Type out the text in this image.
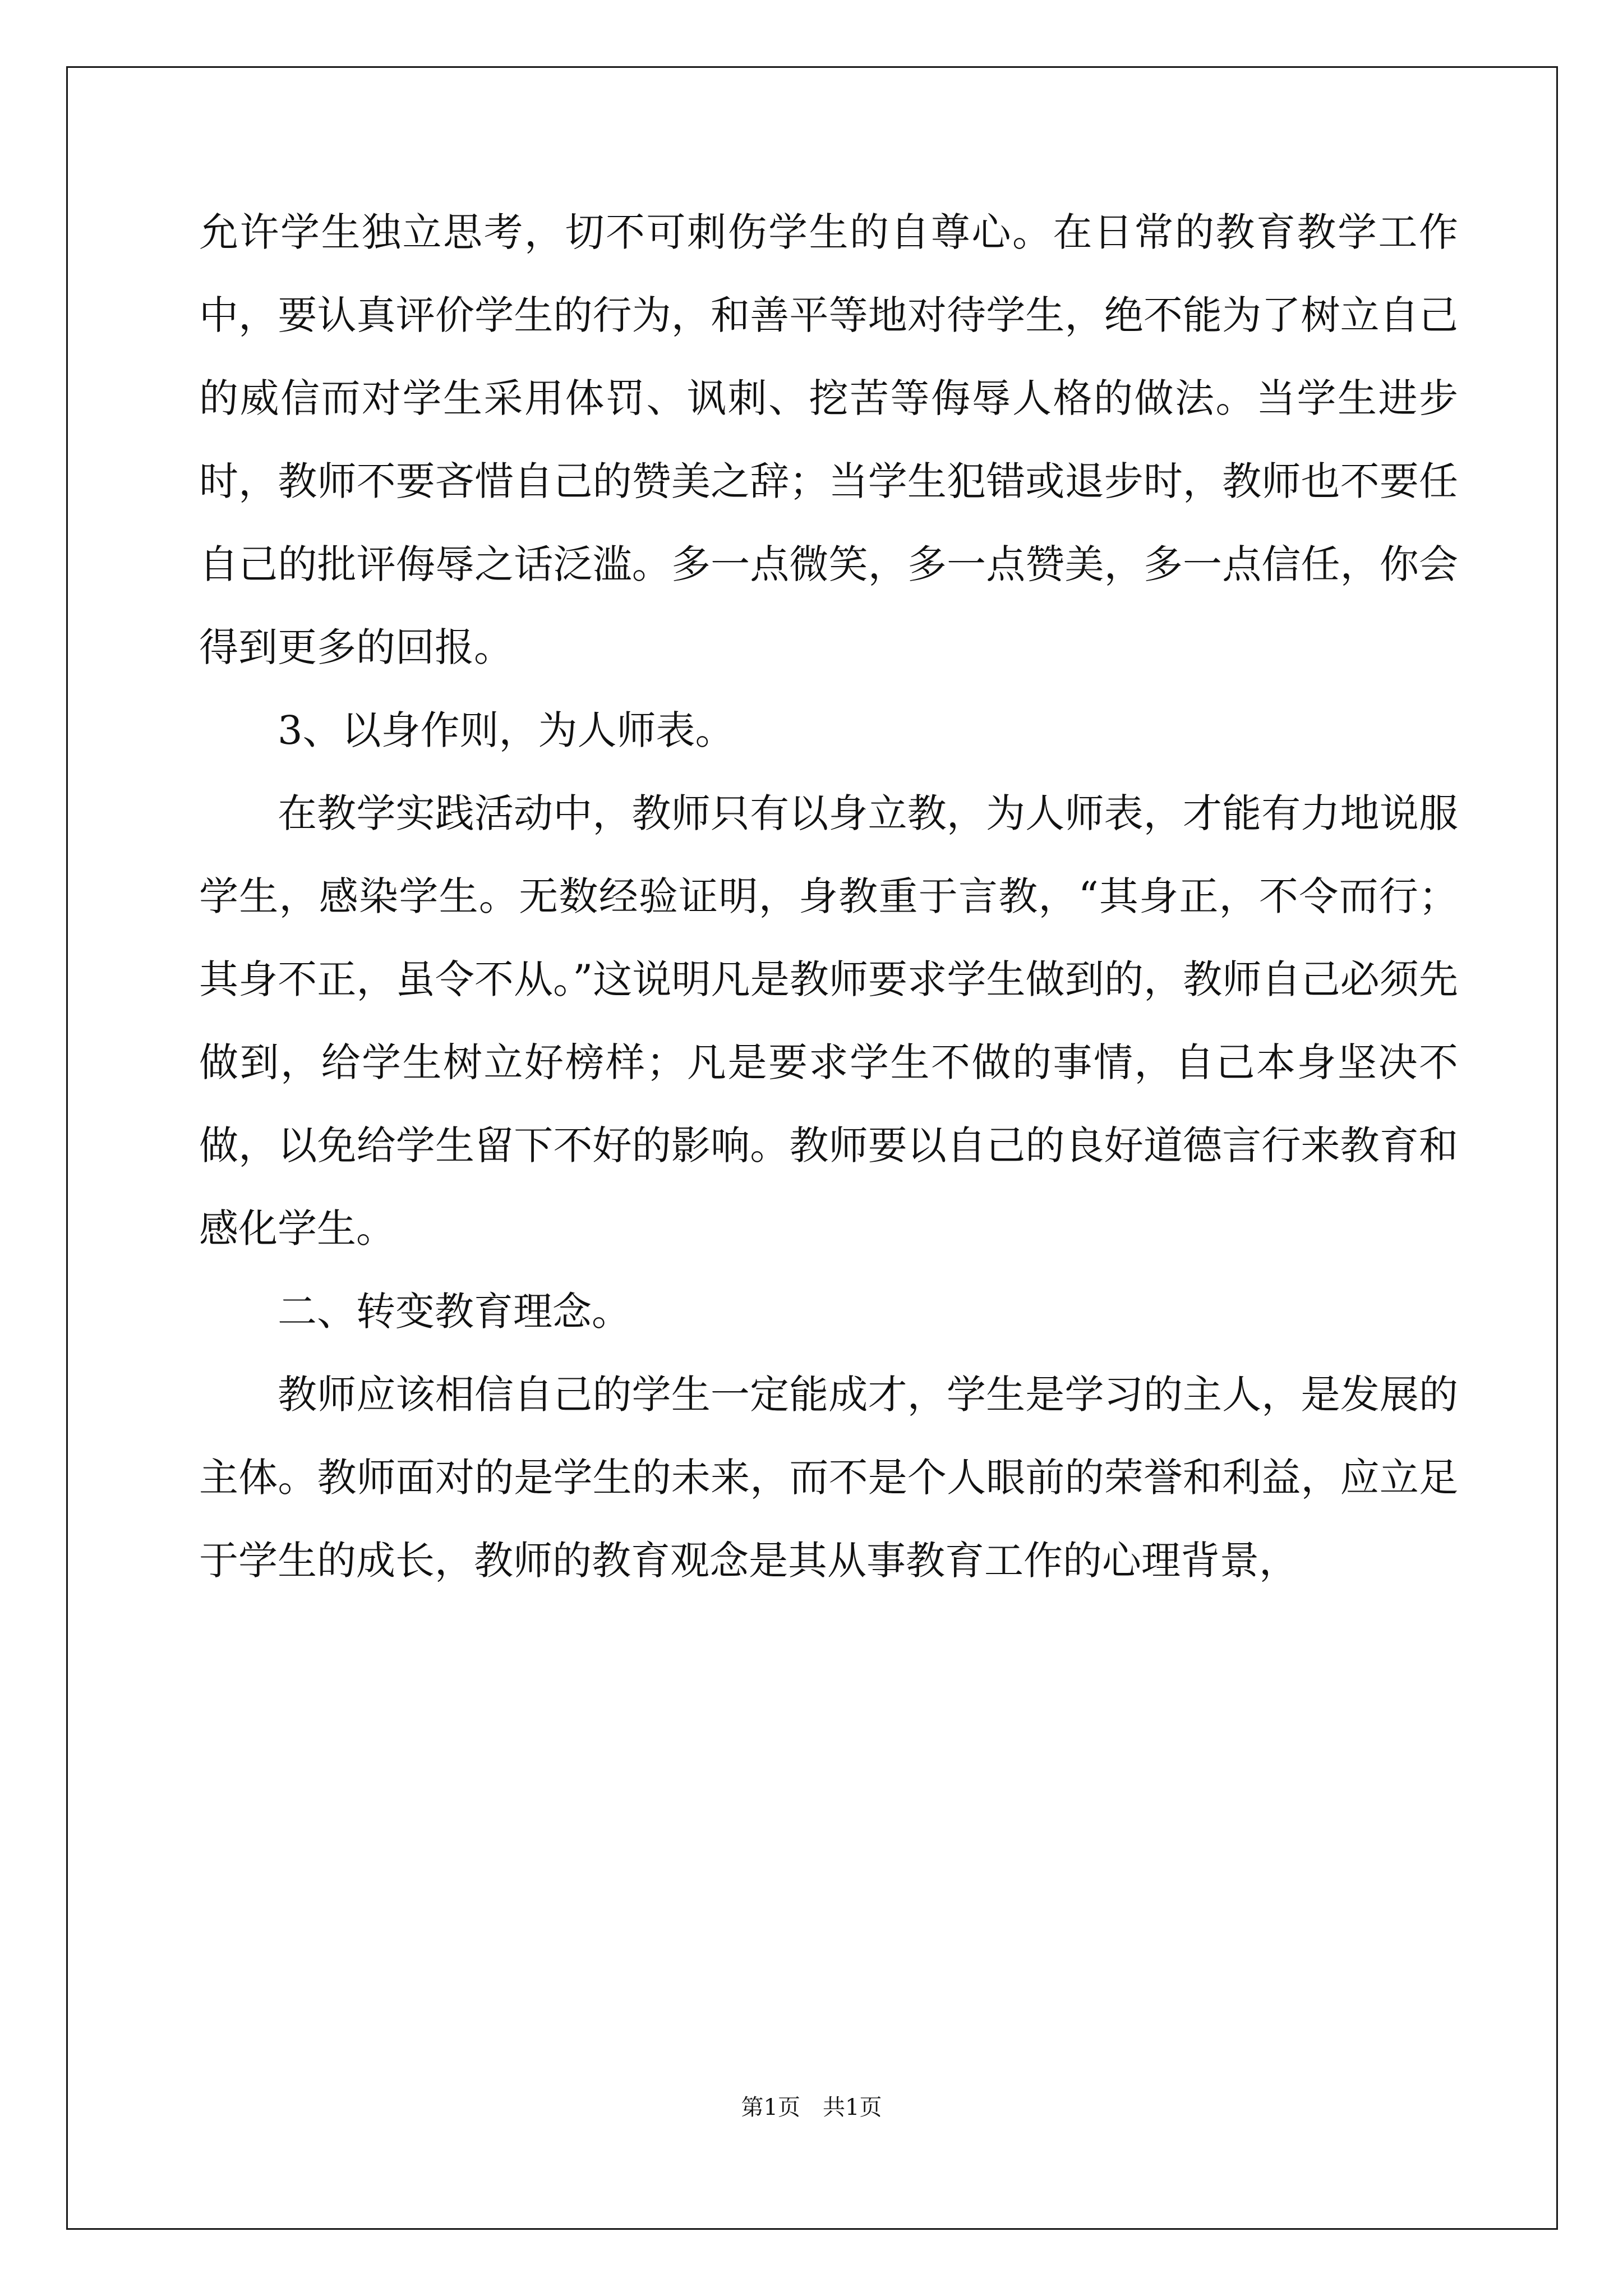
允许学生独立思考，切不可刺伤学生的自尊心。在日常的教育教学工作中，要认真评价学生的行为，和善平等地对待学生，绝不能为了树立自己的威信而对学生采用体罚、讽刺、挖苦等侮辱人格的做法。当学生进步时，教师不要吝惜自己的赞美之辞；当学生犯错或退步时，教师也不要任自己的批评侮辱之话泛滥。多一点微笑，多一点赞美，多一点信任，你会得到更多的回报。

3、以身作则，为人师表。

在教学实践活动中，教师只有以身立教，为人师表，才能有力地说服学生，感染学生。无数经验证明，身教重于言教，“其身正，不令而行；其身不正，虽令不从。”这说明凡是教师要求学生做到的，教师自己必须先做到，给学生树立好榜样；凡是要求学生不做的事情，自己本身坚决不做，以免给学生留下不好的影响。教师要以自己的良好道德言行来教育和感化学生。

二、转变教育理念。

教师应该相信自己的学生一定能成才，学生是学习的主人，是发展的主体。教师面对的是学生的未来，而不是个人眼前的荣誉和利益，应立足于学生的成长，教师的教育观念是其从事教育工作的心理背景，

第1页 共1页
